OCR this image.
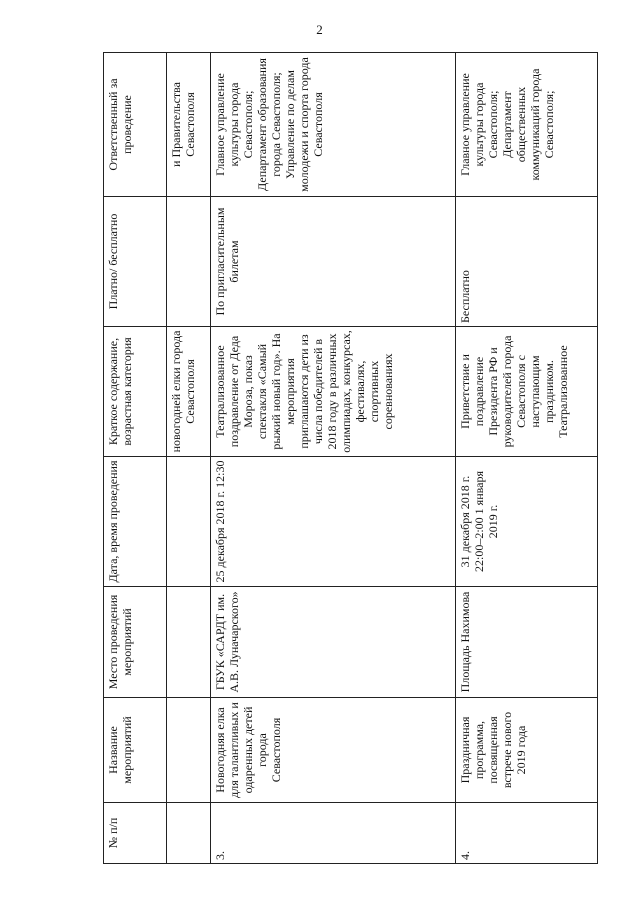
2
№ п/п	Название мероприятий	Место проведения мероприятий	Дата, время проведения	Краткое содержание, возрастная категория	Платно/ бесплатно	Ответственный за проведение
				новогодней елки города Севастополя		и Правительства Севастополя
3.	Новогодняя елка для талантливых и одаренных детей города Севастополя	ГБУК «САРДТ им. А.В. Луначарского»	25 декабря 2018 г. 12:30	Театрализованное поздравление от Деда Мороза, показ спектакля «Самый рыжий новый год». На мероприятия приглашаются дети из числа победителей в 2018 году в различных олимпиадах, конкурсах, фестивалях, спортивных соревнованиях	По пригласительным билетам	Главное управление культуры города Севастополя; Департамент образования города Севастополя; Управление по делам молодежи и спорта города Севастополя
4.	Праздничная программа, посвященная встрече нового 2019 года	Площадь Нахимова	31 декабря 2018 г. 22:00–2:00 1 января 2019 г.	Приветствие и поздравление Президента РФ и руководителей города Севастополя с наступающим праздником. Театрализованное	Бесплатно	Главное управление культуры города Севастополя; Департамент общественных коммуникаций города Севастополя;
